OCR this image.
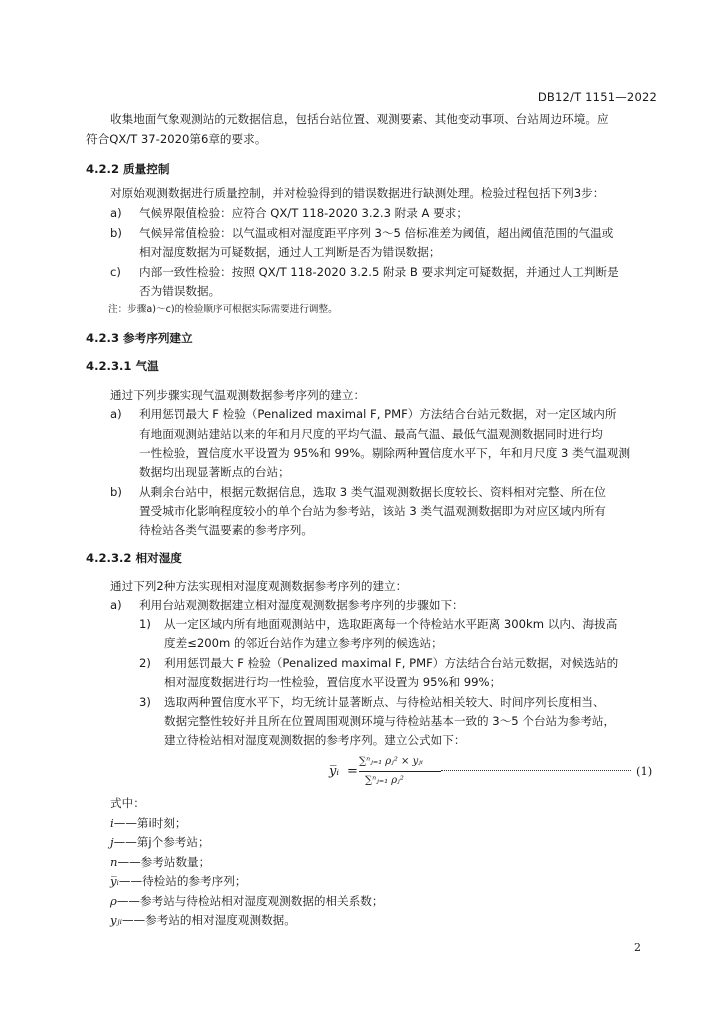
DB12/T 1151—2022
收集地面气象观测站的元数据信息，包括台站位置、观测要素、其他变动事项、台站周边环境。应
符合QX/T 37-2020第6章的要求。
4.2.2 质量控制
对原始观测数据进行质量控制，并对检验得到的错误数据进行缺测处理。检验过程包括下列3步：
a) 气候界限值检验：应符合 QX/T 118-2020 3.2.3 附录 A 要求；
b) 气候异常值检验：以气温或相对湿度距平序列 3～5 倍标准差为阈值，超出阈值范围的气温或
相对湿度数据为可疑数据，通过人工判断是否为错误数据；
c) 内部一致性检验：按照 QX/T 118-2020 3.2.5 附录 B 要求判定可疑数据，并通过人工判断是
否为错误数据。
注：步骤a)～c)的检验顺序可根据实际需要进行调整。
4.2.3 参考序列建立
4.2.3.1 气温
通过下列步骤实现气温观测数据参考序列的建立：
a) 利用惩罚最大 F 检验（Penalized maximal F, PMF）方法结合台站元数据，对一定区域内所
有地面观测站建站以来的年和月尺度的平均气温、最高气温、最低气温观测数据同时进行均
一性检验，置信度水平设置为 95%和 99%。剔除两种置信度水平下，年和月尺度 3 类气温观测
数据均出现显著断点的台站；
b) 从剩余台站中，根据元数据信息，选取 3 类气温观测数据长度较长、资料相对完整、所在位
置受城市化影响程度较小的单个台站为参考站，该站 3 类气温观测数据即为对应区域内所有
待检站各类气温要素的参考序列。
4.2.3.2 相对湿度
通过下列2种方法实现相对湿度观测数据参考序列的建立：
a) 利用台站观测数据建立相对湿度观测数据参考序列的步骤如下：
1) 从一定区域内所有地面观测站中，选取距离每一个待检站水平距离 300km 以内、海拔高
度差≤200m 的邻近台站作为建立参考序列的候选站；
2) 利用惩罚最大 F 检验（Penalized maximal F, PMF）方法结合台站元数据，对候选站的
相对湿度数据进行均一性检验，置信度水平设置为 95%和 99%；
3) 选取两种置信度水平下，均无统计显著断点、与待检站相关较大、时间序列长度相当、
数据完整性较好并且所在位置周围观测环境与待检站基本一致的 3～5 个台站为参考站，
建立待检站相对湿度观测数据的参考序列。建立公式如下：
y̅ᵢ =
∑ⁿⱼ₌₁ ρⱼ² × yⱼᵢ
∑ⁿⱼ₌₁ ρⱼ²
(1)
式中：
i——第i时刻；
j——第j个参考站；
n——参考站数量；
y̅ᵢ——待检站的参考序列；
ρ——参考站与待检站相对湿度观测数据的相关系数；
yⱼᵢ——参考站的相对湿度观测数据。
2
